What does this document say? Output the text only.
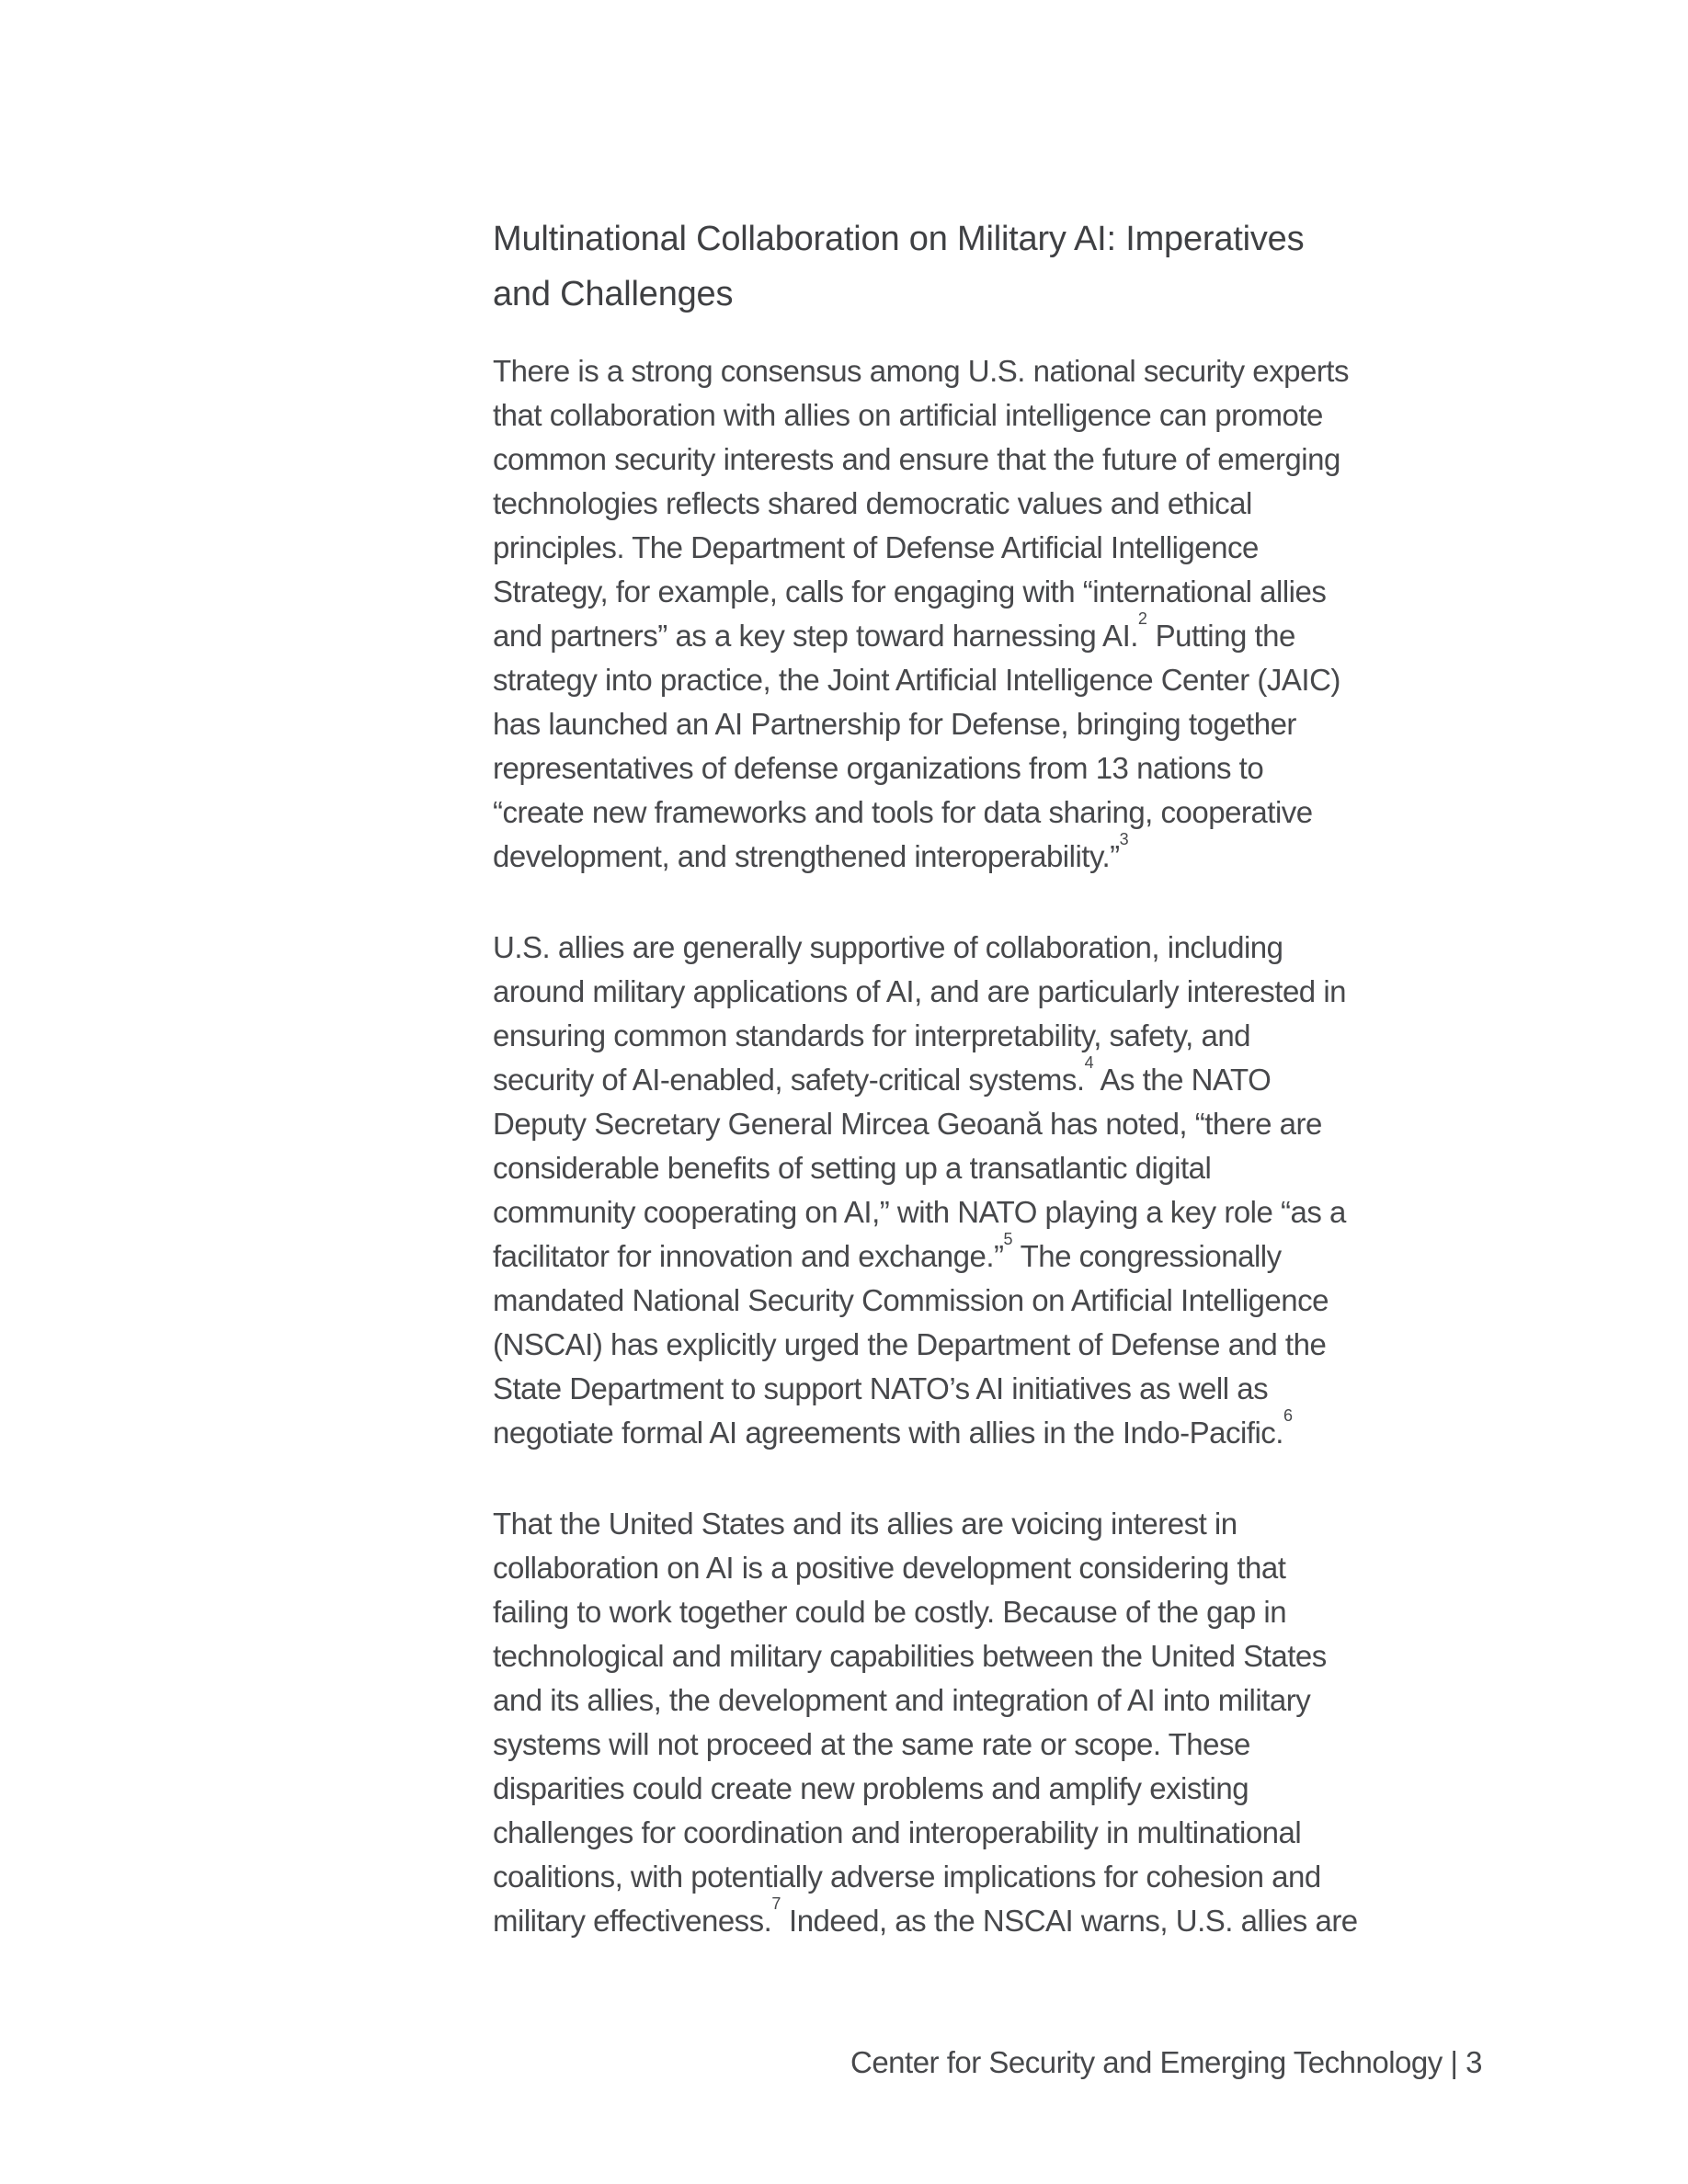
Multinational Collaboration on Military AI: Imperatives
and Challenges
There is a strong consensus among U.S. national security experts
that collaboration with allies on artificial intelligence can promote
common security interests and ensure that the future of emerging
technologies reflects shared democratic values and ethical
principles. The Department of Defense Artificial Intelligence
Strategy, for example, calls for engaging with “international allies
and partners” as a key step toward harnessing AI.$^2$ Putting the
strategy into practice, the Joint Artificial Intelligence Center (JAIC)
has launched an AI Partnership for Defense, bringing together
representatives of defense organizations from 13 nations to
“create new frameworks and tools for data sharing, cooperative
development, and strengthened interoperability.”$^3$
U.S. allies are generally supportive of collaboration, including
around military applications of AI, and are particularly interested in
ensuring common standards for interpretability, safety, and
security of AI-enabled, safety-critical systems.$^4$ As the NATO
Deputy Secretary General Mircea Geoană has noted, “there are
considerable benefits of setting up a transatlantic digital
community cooperating on AI,” with NATO playing a key role “as a
facilitator for innovation and exchange.”$^5$ The congressionally
mandated National Security Commission on Artificial Intelligence
(NSCAI) has explicitly urged the Department of Defense and the
State Department to support NATO’s AI initiatives as well as
negotiate formal AI agreements with allies in the Indo-Pacific.$^6$
That the United States and its allies are voicing interest in
collaboration on AI is a positive development considering that
failing to work together could be costly. Because of the gap in
technological and military capabilities between the United States
and its allies, the development and integration of AI into military
systems will not proceed at the same rate or scope. These
disparities could create new problems and amplify existing
challenges for coordination and interoperability in multinational
coalitions, with potentially adverse implications for cohesion and
military effectiveness.$^7$ Indeed, as the NSCAI warns, U.S. allies are
Center for Security and Emerging Technology | 3
